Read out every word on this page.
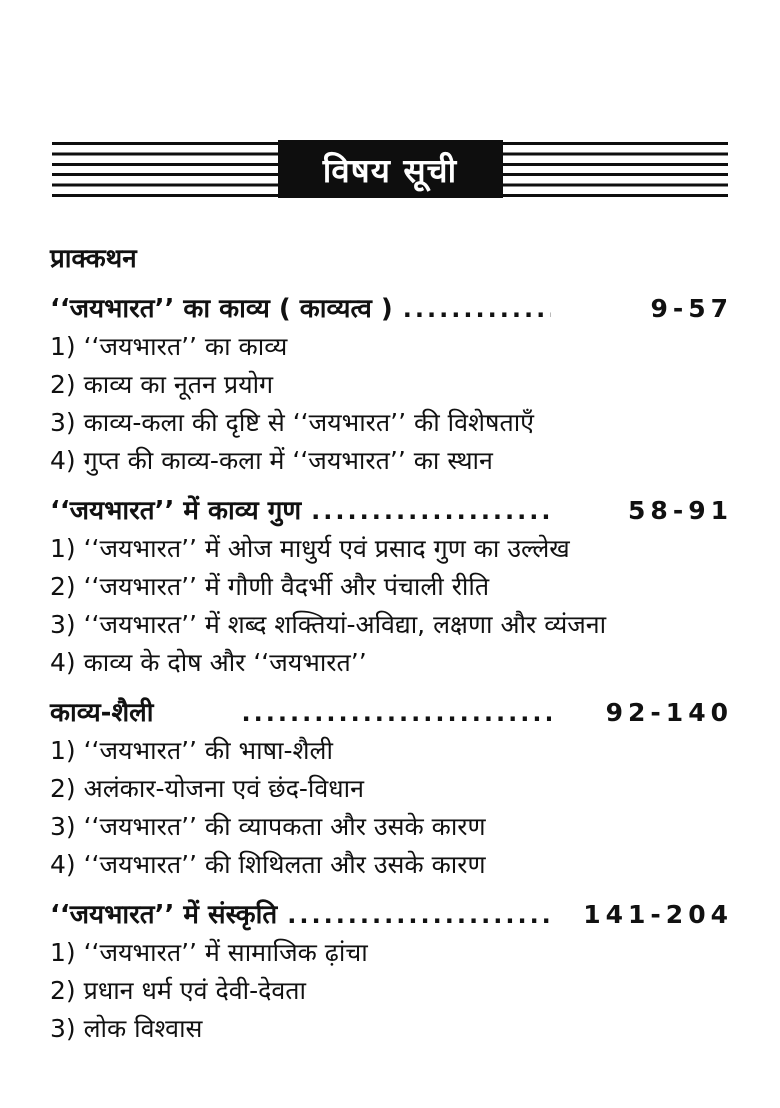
विषय सूची
प्राक्कथन
‘‘जयभारत’’ का काव्य ( काव्यत्व ) .....	9-57
1) ‘‘जयभारत’’ का काव्य
2) काव्य का नूतन प्रयोग
3) काव्य-कला की दृष्टि से ‘‘जयभारत’’ की विशेषताएँ
4) गुप्त की काव्य-कला में ‘‘जयभारत’’ का स्थान
‘‘जयभारत’’ में काव्य गुण .....	58-91
1) ‘‘जयभारत’’ में ओज माधुर्य एवं प्रसाद गुण का उल्लेख
2) ‘‘जयभारत’’ में गौणी वैदर्भी और पंचाली रीति
3) ‘‘जयभारत’’ में शब्द शक्तियां-अविद्या, लक्षणा और व्यंजना
4) काव्य के दोष और ‘‘जयभारत’’
काव्य-शैली .....	92-140
1) ‘‘जयभारत’’ की भाषा-शैली
2) अलंकार-योजना एवं छंद-विधान
3) ‘‘जयभारत’’ की व्यापकता और उसके कारण
4) ‘‘जयभारत’’ की शिथिलता और उसके कारण
‘‘जयभारत’’ में संस्कृति .....	141-204
1) ‘‘जयभारत’’ में सामाजिक ढ़ांचा
2) प्रधान धर्म एवं देवी-देवता
3) लोक विश्वास
